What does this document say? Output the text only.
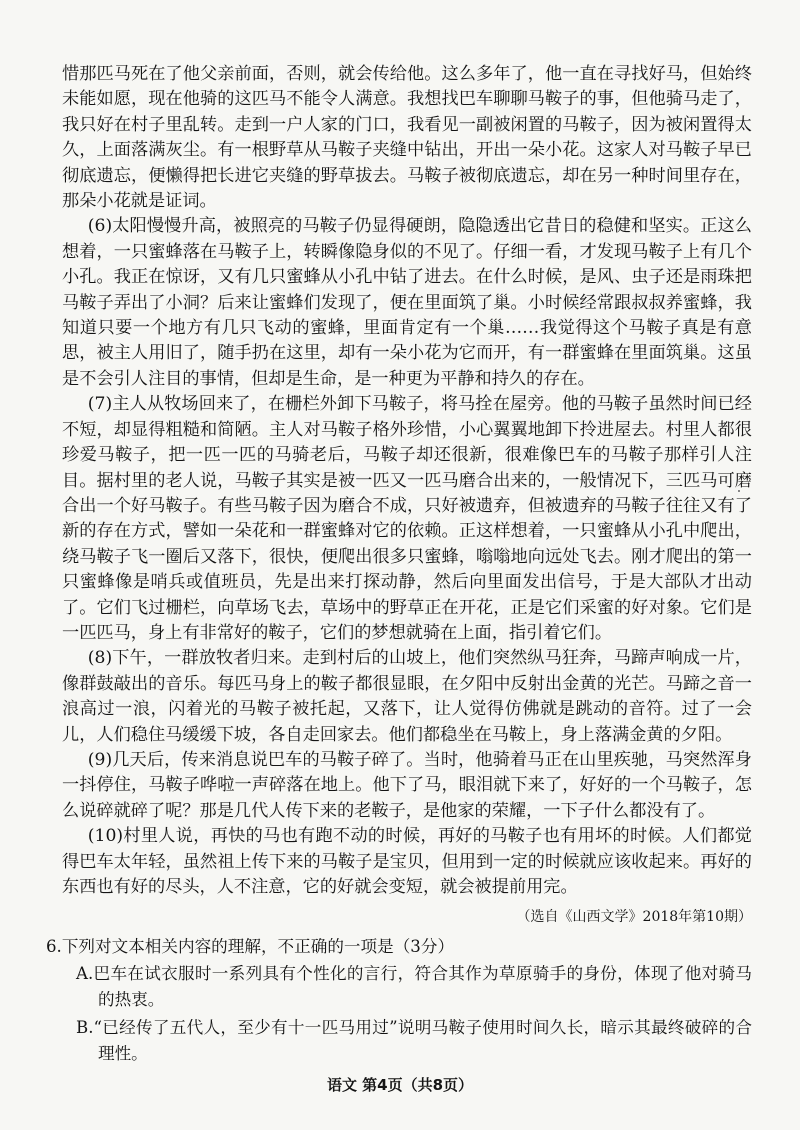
惜那匹马死在了他父亲前面，否则，就会传给他。这么多年了，他一直在寻找好马，但始终未能如愿，现在他骑的这匹马不能令人满意。我想找巴车聊聊马鞍子的事，但他骑马走了，我只好在村子里乱转。走到一户人家的门口，我看见一副被闲置的马鞍子，因为被闲置得太久，上面落满灰尘。有一根野草从马鞍子夹缝中钻出，开出一朵小花。这家人对马鞍子早已彻底遗忘，便懒得把长进它夹缝的野草拔去。马鞍子被彻底遗忘，却在另一种时间里存在，那朵小花就是证词。

(6)太阳慢慢升高，被照亮的马鞍子仍显得硬朗，隐隐透出它昔日的稳健和坚实。正这么想着，一只蜜蜂落在马鞍子上，转瞬像隐身似的不见了。仔细一看，才发现马鞍子上有几个小孔。我正在惊讶，又有几只蜜蜂从小孔中钻了进去。在什么时候，是风、虫子还是雨珠把马鞍子弄出了小洞？后来让蜜蜂们发现了，便在里面筑了巢。小时候经常跟叔叔养蜜蜂，我知道只要一个地方有几只飞动的蜜蜂，里面肯定有一个巢……我觉得这个马鞍子真是有意思，被主人用旧了，随手扔在这里，却有一朵小花为它而开，有一群蜜蜂在里面筑巢。这虽是不会引人注目的事情，但却是生命，是一种更为平静和持久的存在。

(7)主人从牧场回来了，在栅栏外卸下马鞍子，将马拴在屋旁。他的马鞍子虽然时间已经不短，却显得粗糙和简陋。主人对马鞍子格外珍惜，小心翼翼地卸下拎进屋去。村里人都很珍爱马鞍子，把一匹一匹的马骑老后，马鞍子却还很新，很难像巴车的马鞍子那样引人注目。据村里的老人说，马鞍子其实是被一匹又一匹马磨合出来的，一般情况下，三匹马可磨合出一个好马鞍子。有些马鞍子因为磨合不成，只好被遗弃，但被遗弃的马鞍子往往又有了新的存在方式，譬如一朵花和一群蜜蜂对它的依赖。正这样想着，一只蜜蜂从小孔中爬出，绕马鞍子飞一圈后又落下，很快，便爬出很多只蜜蜂，嗡嗡地向远处飞去。刚才爬出的第一只蜜蜂像是哨兵或值班员，先是出来打探动静，然后向里面发出信号，于是大部队才出动了。它们飞过栅栏，向草场飞去，草场中的野草正在开花，正是它们采蜜的好对象。它们是一匹匹马，身上有非常好的鞍子，它们的梦想就骑在上面，指引着它们。

(8)下午，一群放牧者归来。走到村后的山坡上，他们突然纵马狂奔，马蹄声响成一片，像群鼓敲出的音乐。每匹马身上的鞍子都很显眼，在夕阳中反射出金黄的光芒。马蹄之音一浪高过一浪，闪着光的马鞍子被托起，又落下，让人觉得仿佛就是跳动的音符。过了一会儿，人们稳住马缓缓下坡，各自走回家去。他们都稳坐在马鞍上，身上落满金黄的夕阳。

(9)几天后，传来消息说巴车的马鞍子碎了。当时，他骑着马正在山里疾驰，马突然浑身一抖停住，马鞍子哗啦一声碎落在地上。他下了马，眼泪就下来了，好好的一个马鞍子，怎么说碎就碎了呢？那是几代人传下来的老鞍子，是他家的荣耀，一下子什么都没有了。

(10)村里人说，再快的马也有跑不动的时候，再好的马鞍子也有用坏的时候。人们都觉得巴车太年轻，虽然祖上传下来的马鞍子是宝贝，但用到一定的时候就应该收起来。再好的东西也有好的尽头，人不注意，它的好就会变短，就会被提前用完。

（选自《山西文学》2018年第10期）

6.下列对文本相关内容的理解，不正确的一项是（3分）

A.巴车在试衣服时一系列具有个性化的言行，符合其作为草原骑手的身份，体现了他对骑马的热衷。

B.“已经传了五代人，至少有十一匹马用过”说明马鞍子使用时间久长，暗示其最终破碎的合理性。

语文 第4页（共8页）
